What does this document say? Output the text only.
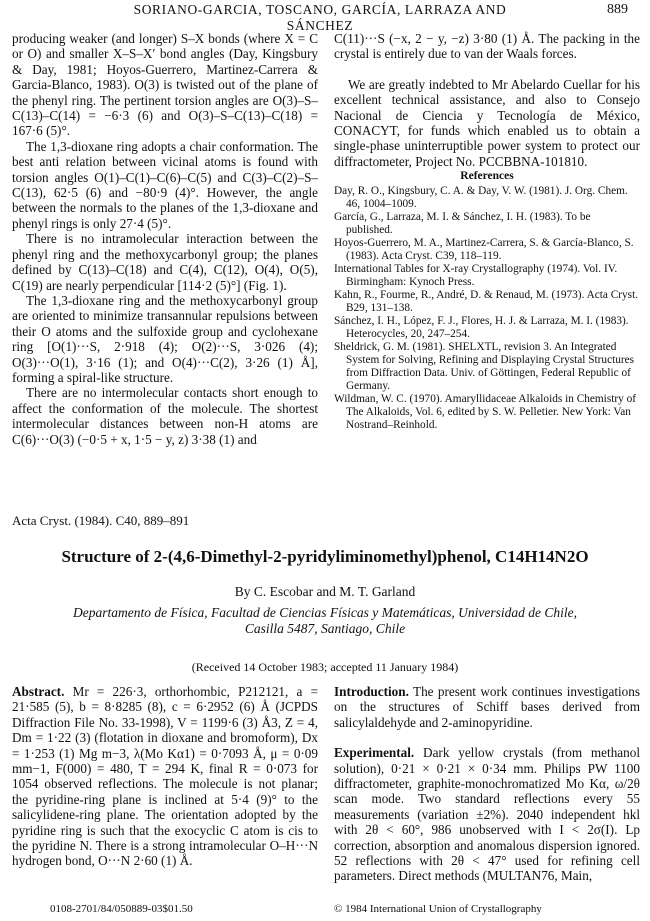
SORIANO-GARCIA, TOSCANO, GARCÍA, LARRAZA AND SÁNCHEZ
889

producing weaker (and longer) S–X bonds (where X = C or O) and smaller X–S–X′ bond angles (Day, Kingsbury & Day, 1981; Hoyos-Guerrero, Martinez-Carrera & Garcia-Blanco, 1983). O(3) is twisted out of the plane of the phenyl ring. The pertinent torsion angles are O(3)–S–C(13)–C(14) = −6·3 (6) and O(3)–S–C(13)–C(18) = 167·6 (5)°.

The 1,3-dioxane ring adopts a chair conformation. The best anti relation between vicinal atoms is found with torsion angles O(1)–C(1)–C(6)–C(5) and C(3)–C(2)–S–C(13), 62·5 (6) and −80·9 (4)°. However, the angle between the normals to the planes of the 1,3-dioxane and phenyl rings is only 27·4 (5)°.

There is no intramolecular interaction between the phenyl ring and the methoxycarbonyl group; the planes defined by C(13)–C(18) and C(4), C(12), O(4), O(5), C(19) are nearly perpendicular [114·2 (5)°] (Fig. 1).

The 1,3-dioxane ring and the methoxycarbonyl group are oriented to minimize transannular repulsions between their O atoms and the sulfoxide group and cyclohexane ring [O(1)···S, 2·918 (4); O(2)···S, 3·026 (4); O(3)···O(1), 3·16 (1); and O(4)···C(2), 3·26 (1) Å], forming a spiral-like structure.

There are no intermolecular contacts short enough to affect the conformation of the molecule. The shortest intermolecular distances between non-H atoms are C(6)···O(3) (−0·5 + x, 1·5 − y, z) 3·38 (1) and

C(11)···S (−x, 2 − y, −z) 3·80 (1) Å. The packing in the crystal is entirely due to van der Waals forces.

We are greatly indebted to Mr Abelardo Cuellar for his excellent technical assistance, and also to Consejo Nacional de Ciencia y Tecnología de México, CONACYT, for funds which enabled us to obtain a single-phase uninterruptible power system to protect our diffractometer, Project No. PCCBBNA-101810.

References

Day, R. O., Kingsbury, C. A. & Day, V. W. (1981). J. Org. Chem. 46, 1004–1009.

García, G., Larraza, M. I. & Sánchez, I. H. (1983). To be published.

Hoyos-Guerrero, M. A., Martinez-Carrera, S. & García-Blanco, S. (1983). Acta Cryst. C39, 118–119.

International Tables for X-ray Crystallography (1974). Vol. IV. Birmingham: Kynoch Press.

Kahn, R., Fourme, R., André, D. & Renaud, M. (1973). Acta Cryst. B29, 131–138.

Sánchez, I. H., López, F. J., Flores, H. J. & Larraza, M. I. (1983). Heterocycles, 20, 247–254.

Sheldrick, G. M. (1981). SHELXTL, revision 3. An Integrated System for Solving, Refining and Displaying Crystal Structures from Diffraction Data. Univ. of Göttingen, Federal Republic of Germany.

Wildman, W. C. (1970). Amaryllidaceae Alkaloids in Chemistry of The Alkaloids, Vol. 6, edited by S. W. Pelletier. New York: Van Nostrand–Reinhold.

Acta Cryst. (1984). C40, 889–891
Structure of 2-(4,6-Dimethyl-2-pyridyliminomethyl)phenol, C14H14N2O
By C. Escobar and M. T. Garland
Departamento de Física, Facultad de Ciencias Físicas y Matemáticas, Universidad de Chile, Casilla 5487, Santiago, Chile
(Received 14 October 1983; accepted 11 January 1984)

Abstract. Mr = 226·3, orthorhombic, P212121, a = 21·585 (5), b = 8·8285 (8), c = 6·2952 (6) Å (JCPDS Diffraction File No. 33-1998), V = 1199·6 (3) Å3, Z = 4, Dm = 1·22 (3) (flotation in dioxane and bromoform), Dx = 1·253 (1) Mg m−3, λ(Mo Kα1) = 0·7093 Å, μ = 0·09 mm−1, F(000) = 480, T = 294 K, final R = 0·073 for 1054 observed reflections. The molecule is not planar; the pyridine-ring plane is inclined at 5·4 (9)° to the salicylidene-ring plane. The orientation adopted by the pyridine ring is such that the exocyclic C atom is cis to the pyridine N. There is a strong intramolecular O–H···N hydrogen bond, O···N 2·60 (1) Å.

Introduction. The present work continues investigations on the structures of Schiff bases derived from salicylaldehyde and 2-aminopyridine.

Experimental. Dark yellow crystals (from methanol solution), 0·21 × 0·21 × 0·34 mm. Philips PW 1100 diffractometer, graphite-monochromatized Mo Kα, ω/2θ scan mode. Two standard reflections every 55 measurements (variation ±2%). 2040 independent hkl with 2θ < 60°, 986 unobserved with I < 2σ(I). Lp correction, absorption and anomalous dispersion ignored. 52 reflections with 2θ < 47° used for refining cell parameters. Direct methods (MULTAN76, Main,

0108-2701/84/050889-03$01.50	© 1984 International Union of Crystallography
